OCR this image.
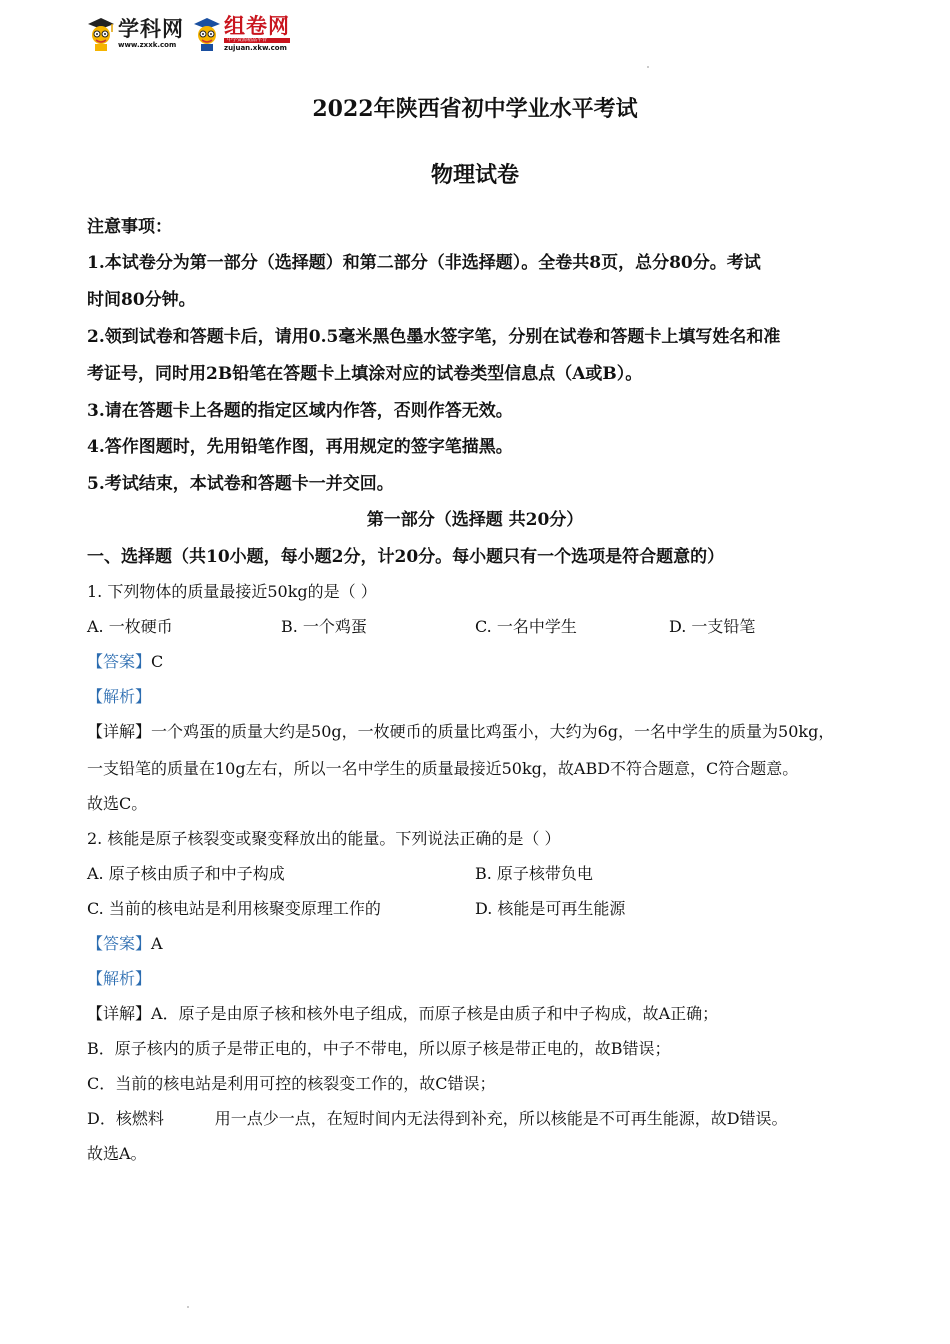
学科网
www.zxxk.com
组卷网
中学资源精品平台
zujuan.xkw.com
2022年陕西省初中学业水平考试
物理试卷
注意事项：
1.本试卷分为第一部分（选择题）和第二部分（非选择题）。全卷共8页，总分80分。考试
时间80分钟。
2.领到试卷和答题卡后，请用0.5毫米黑色墨水签字笔，分别在试卷和答题卡上填写姓名和准
考证号，同时用2B铅笔在答题卡上填涂对应的试卷类型信息点（A或B）。
3.请在答题卡上各题的指定区域内作答，否则作答无效。
4.答作图题时，先用铅笔作图，再用规定的签字笔描黑。
5.考试结束，本试卷和答题卡一并交回。
第一部分（选择题 共20分）
一、选择题（共10小题，每小题2分，计20分。每小题只有一个选项是符合题意的）
1. 下列物体的质量最接近50kg的是（ ）
A. 一枚硬币	B. 一个鸡蛋	C. 一名中学生	D. 一支铅笔
【答案】C
【解析】
【详解】一个鸡蛋的质量大约是50g，一枚硬币的质量比鸡蛋小，大约为6g，一名中学生的质量为50kg，
一支铅笔的质量在10g左右，所以一名中学生的质量最接近50kg，故ABD不符合题意，C符合题意。
故选C。
2. 核能是原子核裂变或聚变释放出的能量。下列说法正确的是（ ）
A. 原子核由质子和中子构成	B. 原子核带负电
C. 当前的核电站是利用核聚变原理工作的	D. 核能是可再生能源
【答案】A
【解析】
【详解】A．原子是由原子核和核外电子组成，而原子核是由质子和中子构成，故A正确；
B．原子核内的质子是带正电的，中子不带电，所以原子核是带正电的，故B错误；
C．当前的核电站是利用可控的核裂变工作的，故C错误；
D．核燃料          用一点少一点，在短时间内无法得到补充，所以核能是不可再生能源，故D错误。
故选A。
